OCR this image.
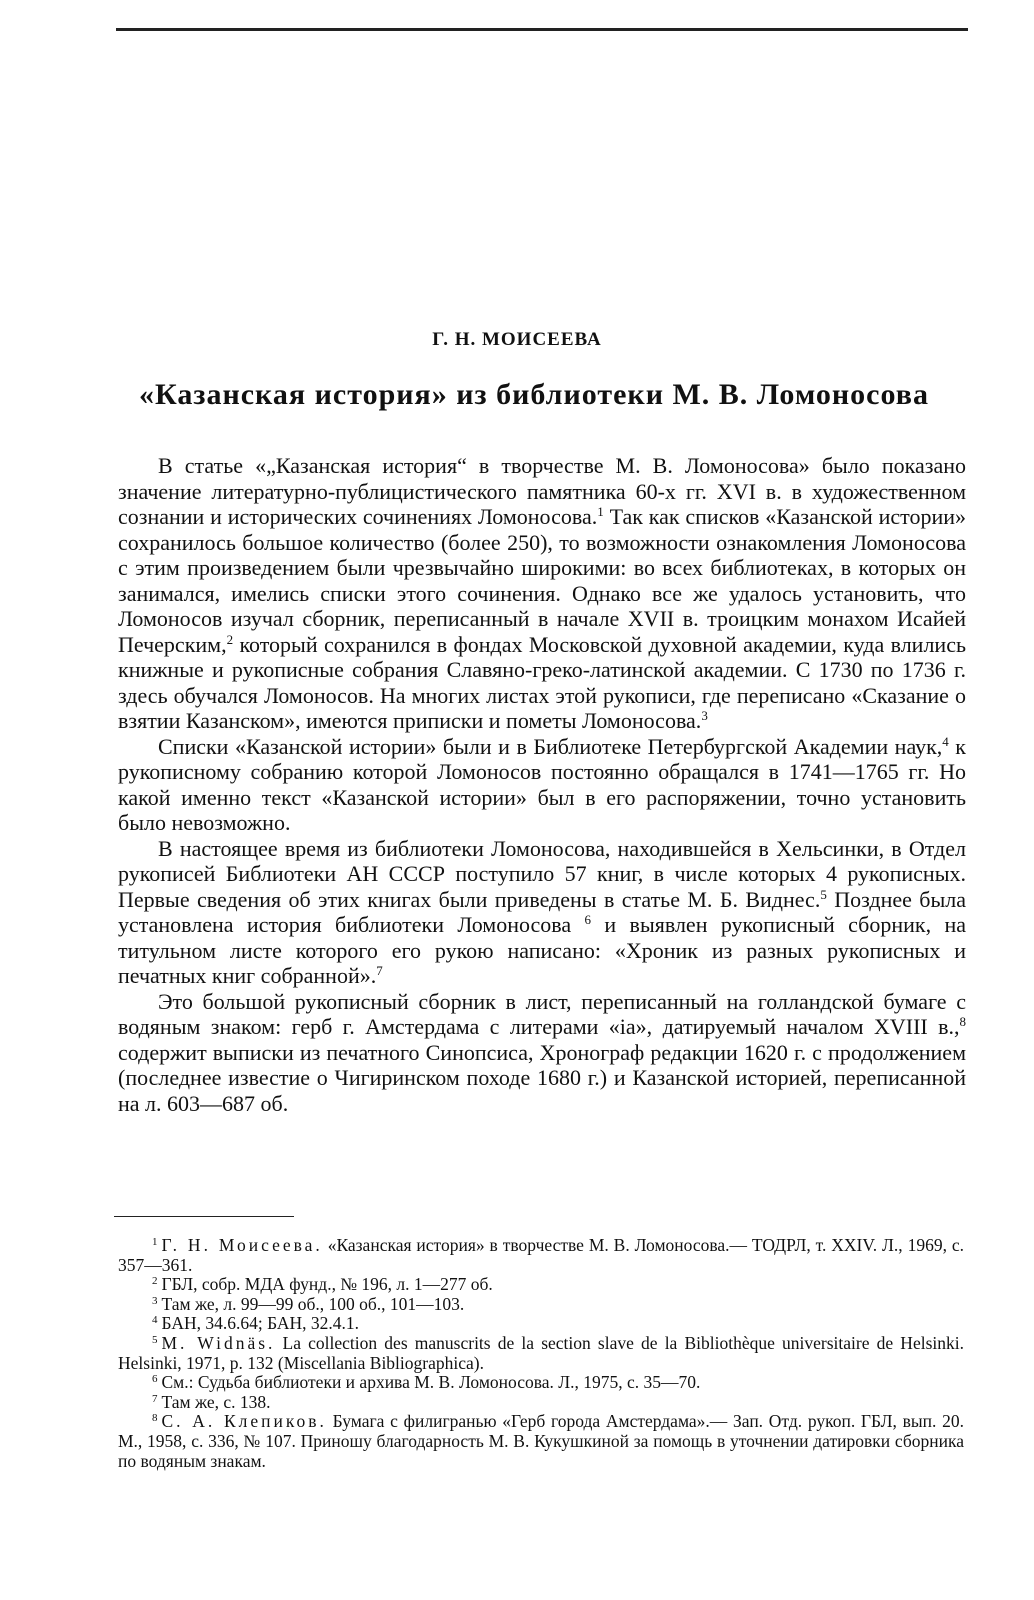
Г. Н. МОИСЕЕВА
«Казанская история» из библиотеки М. В. Ломоносова

В статье «„Казанская история“ в творчестве М. В. Ломоносова» было показано значение литературно-публицистического памятника 60-х гг. XVI в. в художественном сознании и исторических сочинениях Ломоносова.$^1$ Так как списков «Казанской истории» сохранилось большое количество (более 250), то возможности ознакомления Ломоносова с этим произведением были чрезвычайно широкими: во всех библиотеках, в которых он занимался, имелись списки этого сочинения. Однако все же удалось установить, что Ломоносов изучал сборник, переписанный в начале XVII в. троицким монахом Исайей Печерским,$^2$ который сохранился в фондах Московской духовной академии, куда влились книжные и рукописные собрания Славяно-греко-латинской академии. С 1730 по 1736 г. здесь обучался Ломоносов. На многих листах этой рукописи, где переписано «Сказание о взятии Казанском», имеются приписки и пометы Ломоносова.$^3$

Списки «Казанской истории» были и в Библиотеке Петербургской Академии наук,$^4$ к рукописному собранию которой Ломоносов постоянно обращался в 1741—1765 гг. Но какой именно текст «Казанской истории» был в его распоряжении, точно установить было невозможно.

В настоящее время из библиотеки Ломоносова, находившейся в Хельсинки, в Отдел рукописей Библиотеки АН СССР поступило 57 книг, в числе которых 4 рукописных. Первые сведения об этих книгах были приведены в статье М. Б. Виднес.$^5$ Позднее была установлена история библиотеки Ломоносова $^6$ и выявлен рукописный сборник, на титульном листе которого его рукою написано: «Хроник из разных рукописных и печатных книг собранной».$^7$

Это большой рукописный сборник в лист, переписанный на голландской бумаге с водяным знаком: герб г. Амстердама с литерами «ia», датируемый началом XVIII в.,$^8$ содержит выписки из печатного Синопсиса, Хронограф редакции 1620 г. с продолжением (последнее известие о Чигиринском походе 1680 г.) и Казанской историей, переписанной на л. 603—687 об.

$^1$ Г. Н. Моисеева. «Казанская история» в творчестве М. В. Ломоносова.— ТОДРЛ, т. XXIV. Л., 1969, с. 357—361.

$^2$ ГБЛ, собр. МДА фунд., № 196, л. 1—277 об.

$^3$ Там же, л. 99—99 об., 100 об., 101—103.

$^4$ БАН, 34.6.64; БАН, 32.4.1.

$^5$ M. Widnäs. La collection des manuscrits de la section slave de la Bibliothèque universitaire de Helsinki. Helsinki, 1971, p. 132 (Miscellania Bibliographica).

$^6$ См.: Судьба библиотеки и архива М. В. Ломоносова. Л., 1975, с. 35—70.

$^7$ Там же, с. 138.

$^8$ С. А. Клепиков. Бумага с филигранью «Герб города Амстердама».— Зап. Отд. рукоп. ГБЛ, вып. 20. М., 1958, с. 336, № 107. Приношу благодарность М. В. Кукушкиной за помощь в уточнении датировки сборника по водяным знакам.
